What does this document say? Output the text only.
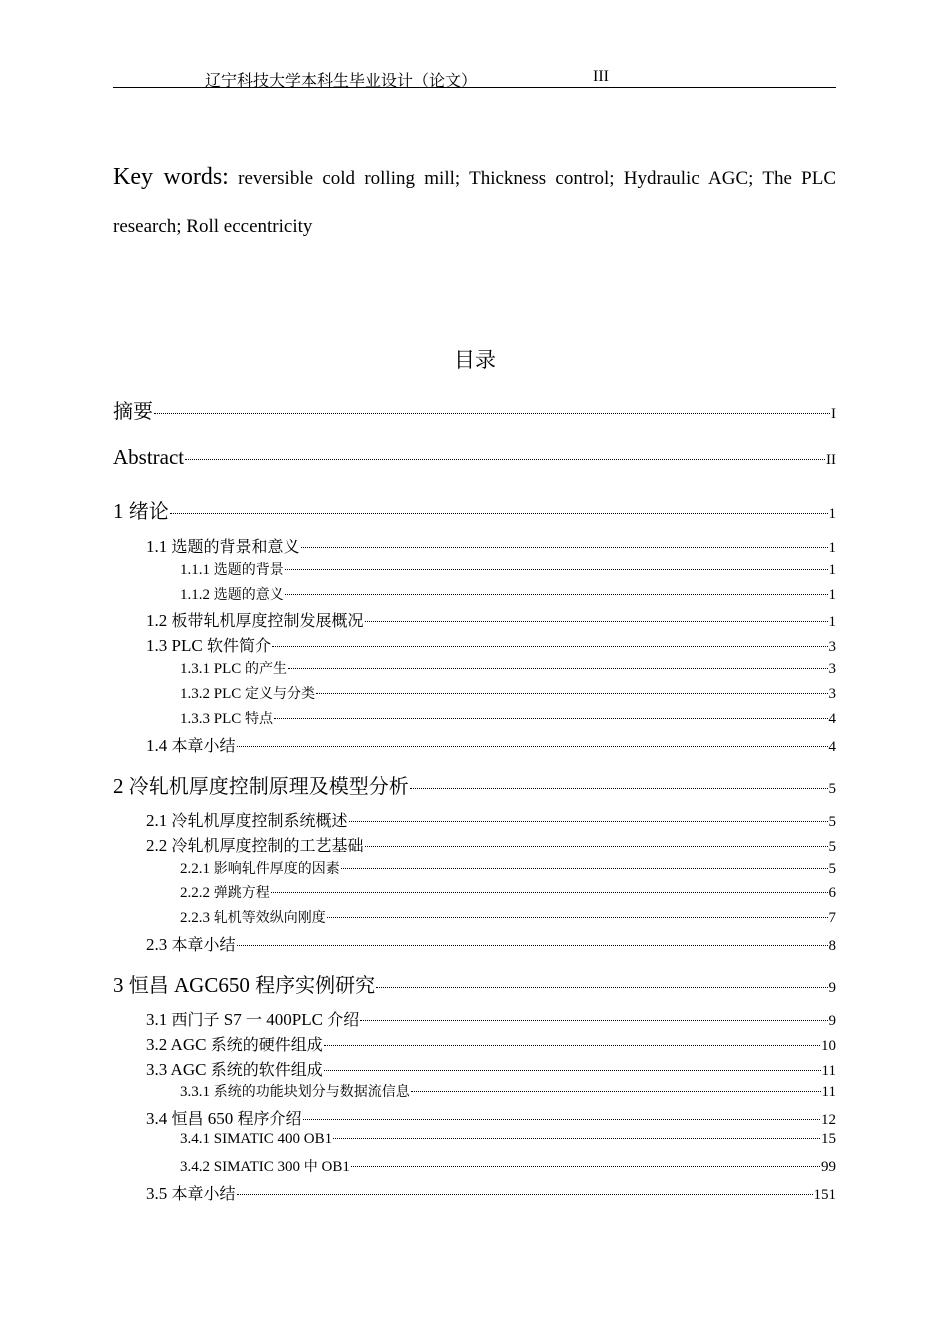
辽宁科技大学本科生毕业设计（论文）	III
Key words: reversible cold rolling mill; Thickness control; Hydraulic AGC; The PLC research; Roll eccentricity
目录
摘要	I
Abstract	II
1 绪论	1
1.1 选题的背景和意义	1
1.1.1 选题的背景	1
1.1.2 选题的意义	1
1.2 板带轧机厚度控制发展概况	1
1.3 PLC 软件简介	3
1.3.1 PLC 的产生	3
1.3.2 PLC 定义与分类	3
1.3.3 PLC 特点	4
1.4 本章小结	4
2 冷轧机厚度控制原理及模型分析	5
2.1 冷轧机厚度控制系统概述	5
2.2 冷轧机厚度控制的工艺基础	5
2.2.1 影响轧件厚度的因素	5
2.2.2 弹跳方程	6
2.2.3 轧机等效纵向刚度	7
2.3 本章小结	8
3 恒昌 AGC650 程序实例研究	9
3.1 西门子 S7 一 400PLC 介绍	9
3.2 AGC 系统的硬件组成	10
3.3 AGC 系统的软件组成	11
3.3.1 系统的功能块划分与数据流信息	11
3.4 恒昌 650 程序介绍	12
3.4.1 SIMATIC 400 OB1	15
3.4.2 SIMATIC 300 中 OB1	99
3.5 本章小结	151
